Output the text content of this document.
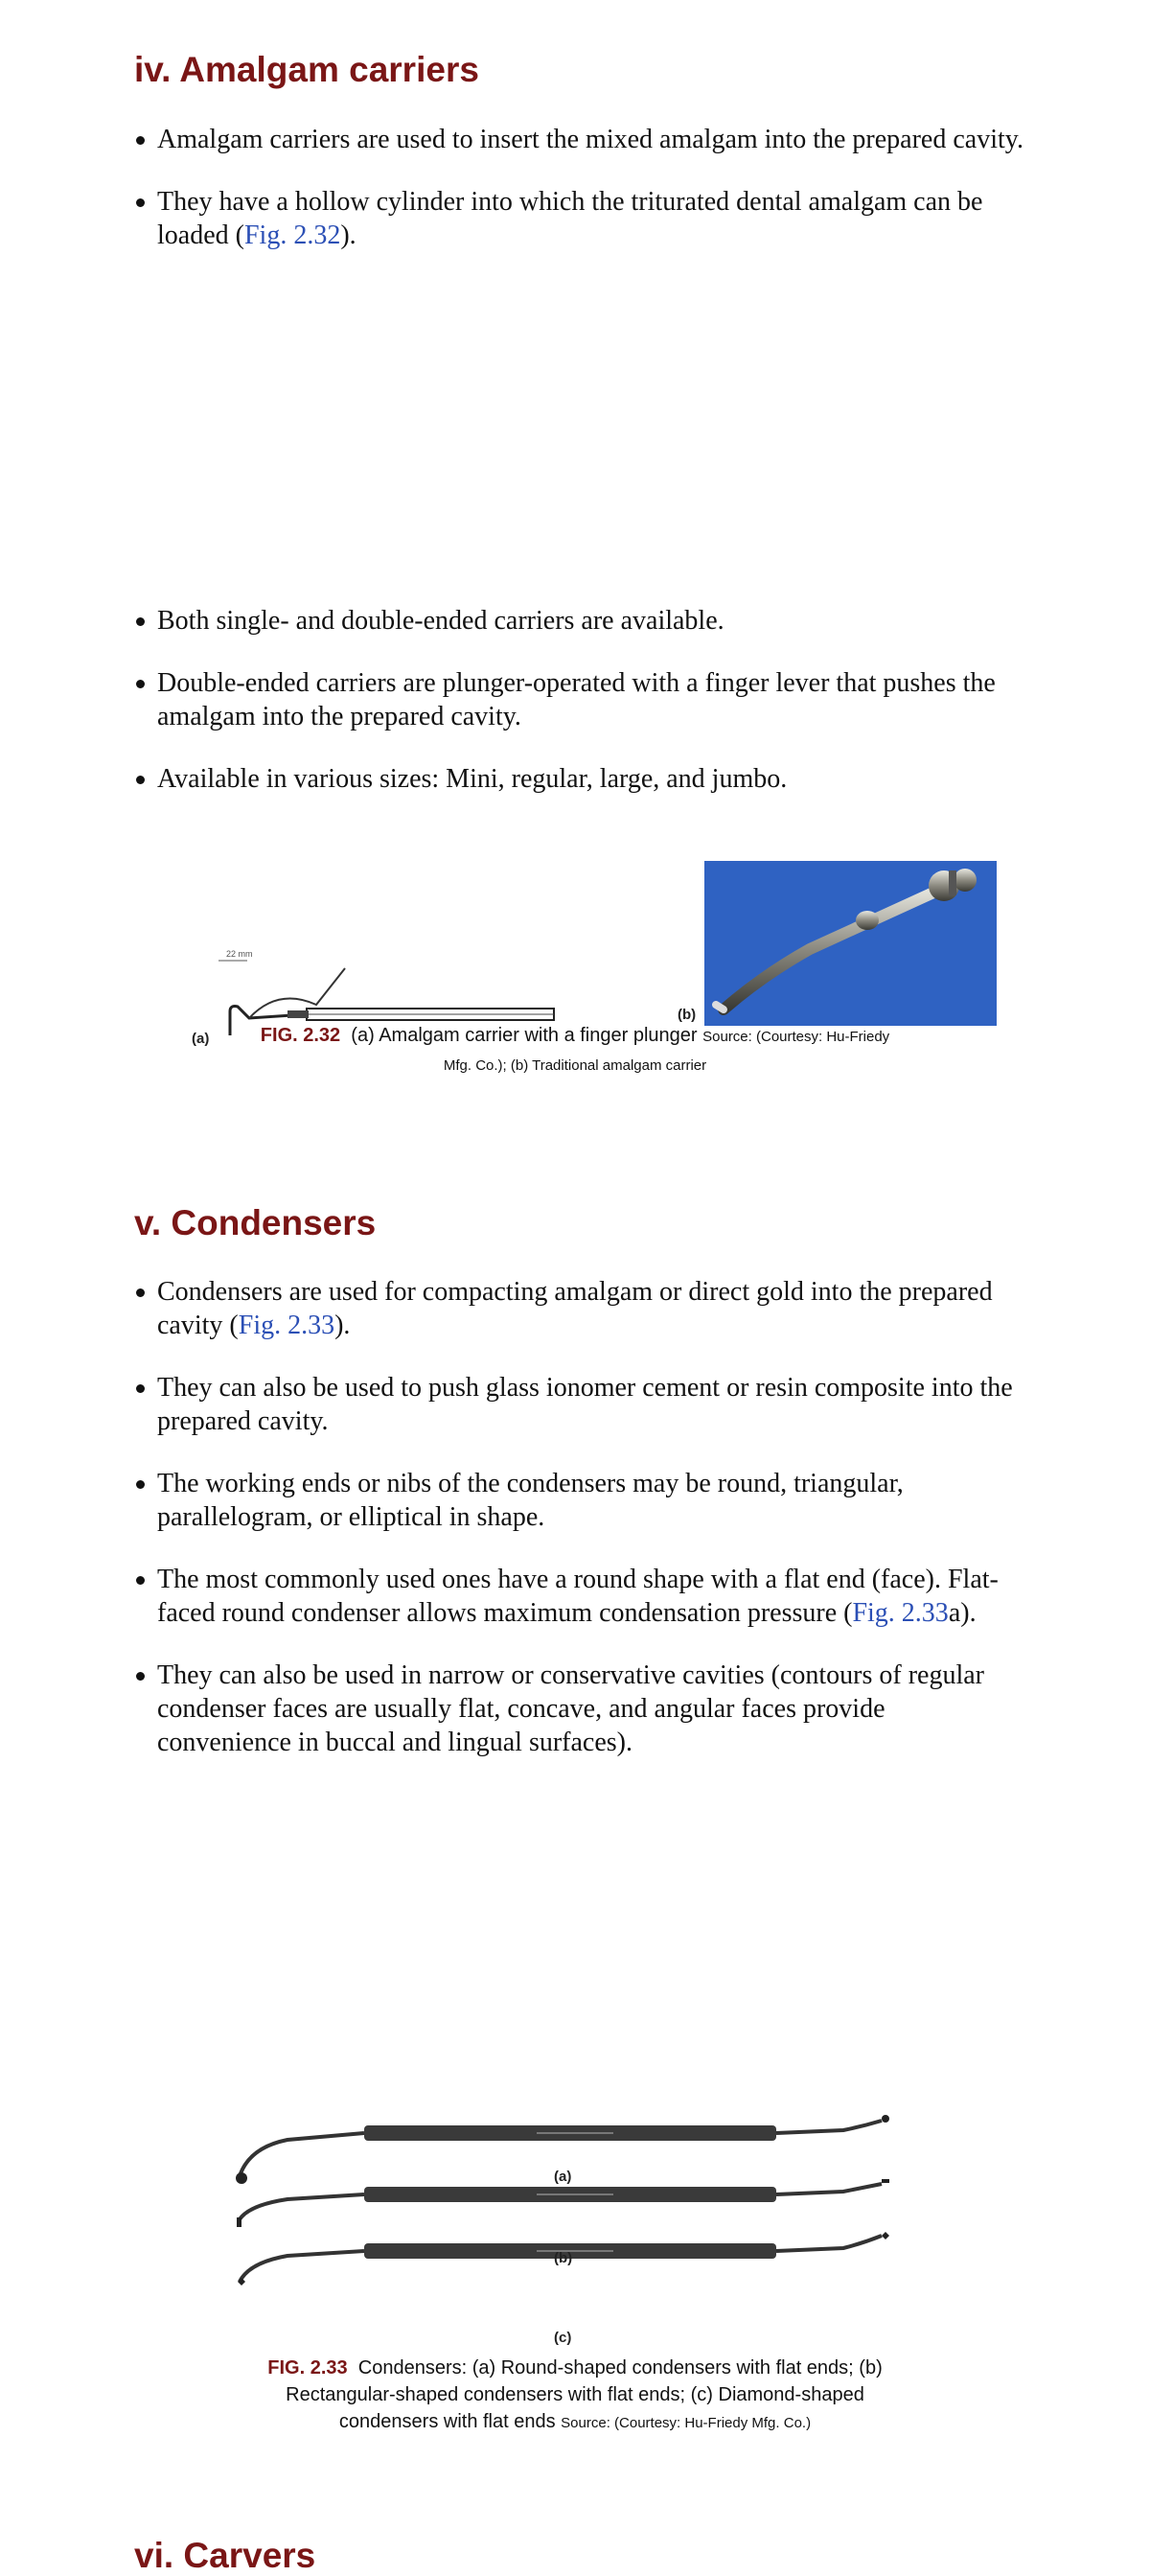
iv. Amalgam carriers
Amalgam carriers are used to insert the mixed amalgam into the prepared cavity.
They have a hollow cylinder into which the triturated dental amalgam can be loaded (Fig. 2.32).
Both single- and double-ended carriers are available.
Double-ended carriers are plunger-operated with a finger lever that pushes the amalgam into the prepared cavity.
Available in various sizes: Mini, regular, large, and jumbo.
22 mm
(a)
(b)
FIG. 2.32 (a) Amalgam carrier with a finger plunger Source: (Courtesy: Hu-Friedy Mfg. Co.); (b) Traditional amalgam carrier
v. Condensers
Condensers are used for compacting amalgam or direct gold into the prepared cavity (Fig. 2.33).
They can also be used to push glass ionomer cement or resin composite into the prepared cavity.
The working ends or nibs of the condensers may be round, triangular, parallelogram, or elliptical in shape.
The most commonly used ones have a round shape with a flat end (face). Flat-faced round condenser allows maximum condensation pressure (Fig. 2.33a).
They can also be used in narrow or conservative cavities (contours of regular condenser faces are usually flat, concave, and angular faces provide convenience in buccal and lingual surfaces).
(a)
(b)
(c)
FIG. 2.33 Condensers: (a) Round-shaped condensers with flat ends; (b) Rectangular-shaped condensers with flat ends; (c) Diamond-shaped condensers with flat ends Source: (Courtesy: Hu-Friedy Mfg. Co.)
vi. Carvers
